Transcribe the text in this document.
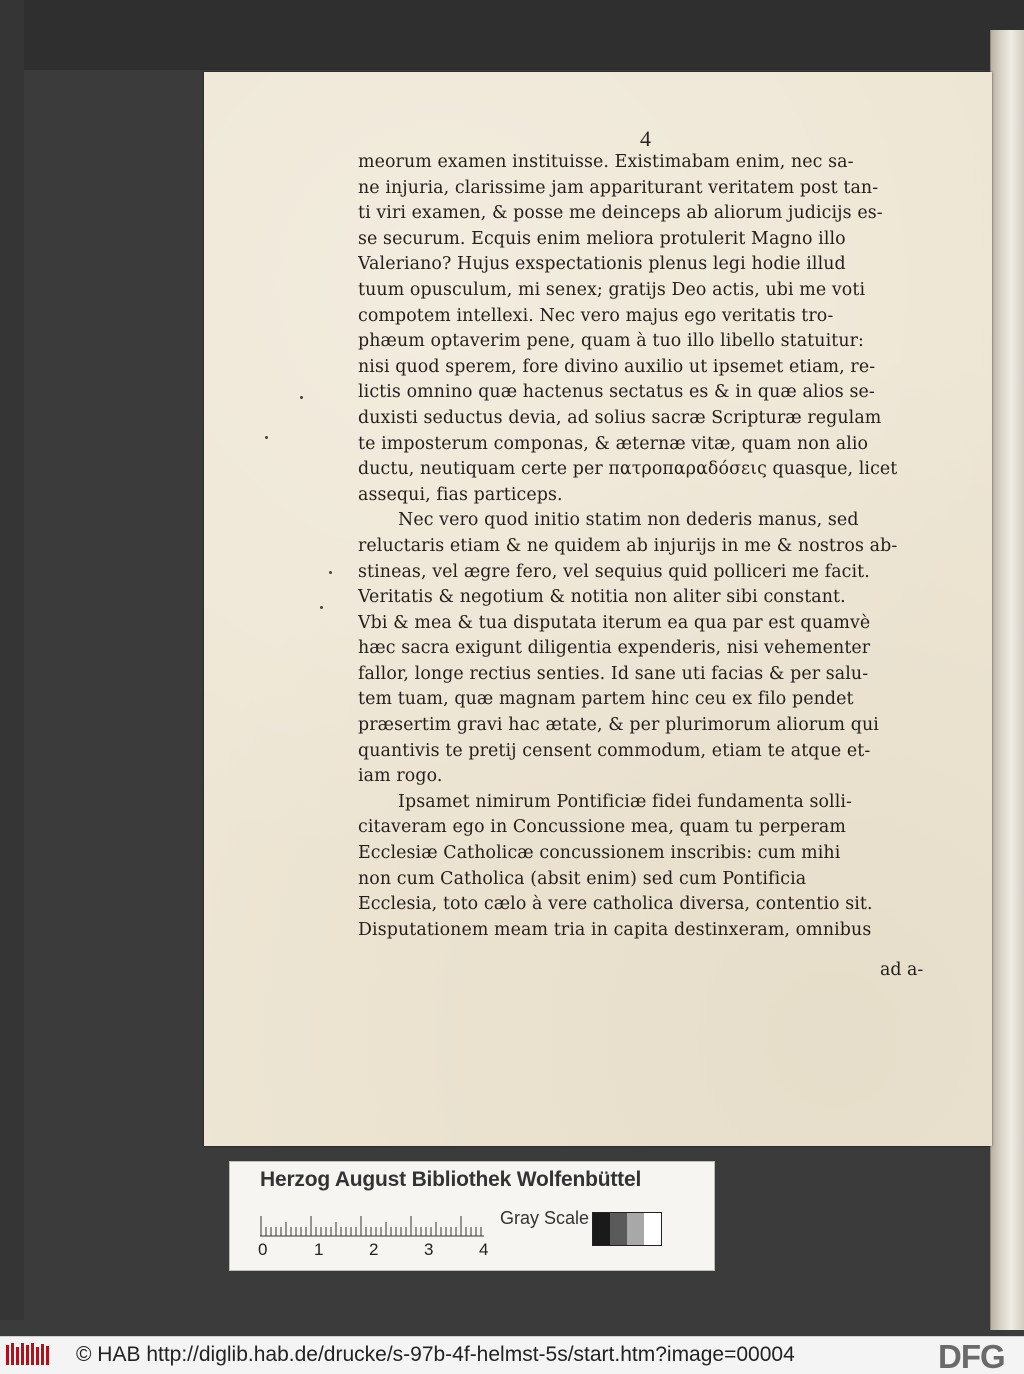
4
meorum examen instituisse. Existimabam enim, nec sa-
ne injuria, clarissime jam appariturant veritatem post tan-
ti viri examen, & posse me deinceps ab aliorum judicijs es-
se securum. Ecquis enim meliora protulerit Magno illo
Valeriano? Hujus exspectationis plenus legi hodie illud
tuum opusculum, mi senex; gratijs Deo actis, ubi me voti
compotem intellexi. Nec vero majus ego veritatis tro-
phæum optaverim pene, quam à tuo illo libello statuitur:
nisi quod sperem, fore divino auxilio ut ipsemet etiam, re-
lictis omnino quæ hactenus sectatus es & in quæ alios se-
duxisti seductus devia, ad solius sacræ Scripturæ regulam
te imposterum componas, & æternæ vitæ, quam non alio
ductu, neutiquam certe per πατροπαραδόσεις quasque, licet
assequi, fias particeps.
Nec vero quod initio statim non dederis manus, sed
reluctaris etiam & ne quidem ab injurijs in me & nostros ab-
stineas, vel ægre fero, vel sequius quid polliceri me facit.
Veritatis & negotium & notitia non aliter sibi constant.
Vbi & mea & tua disputata iterum ea qua par est quamvè
hæc sacra exigunt diligentia expenderis, nisi vehementer
fallor, longe rectius senties. Id sane uti facias & per salu-
tem tuam, quæ magnam partem hinc ceu ex filo pendet
præsertim gravi hac ætate, & per plurimorum aliorum qui
quantivis te pretij censent commodum, etiam te atque et-
iam rogo.
Ipsamet nimirum Pontificiæ fidei fundamenta solli-
citaveram ego in Concussione mea, quam tu perperam
Ecclesiæ Catholicæ concussionem inscribis: cum mihi
non cum Catholica (absit enim) sed cum Pontificia
Ecclesia, toto cælo à vere catholica diversa, contentio sit.
Disputationem meam tria in capita destinxeram, omnibus
ad a-
Herzog August Bibliothek Wolfenbüttel
0	1	2	3	4
Gray Scale
© HAB http://diglib.hab.de/drucke/s-97b-4f-helmst-5s/start.htm?image=00004	DFG
